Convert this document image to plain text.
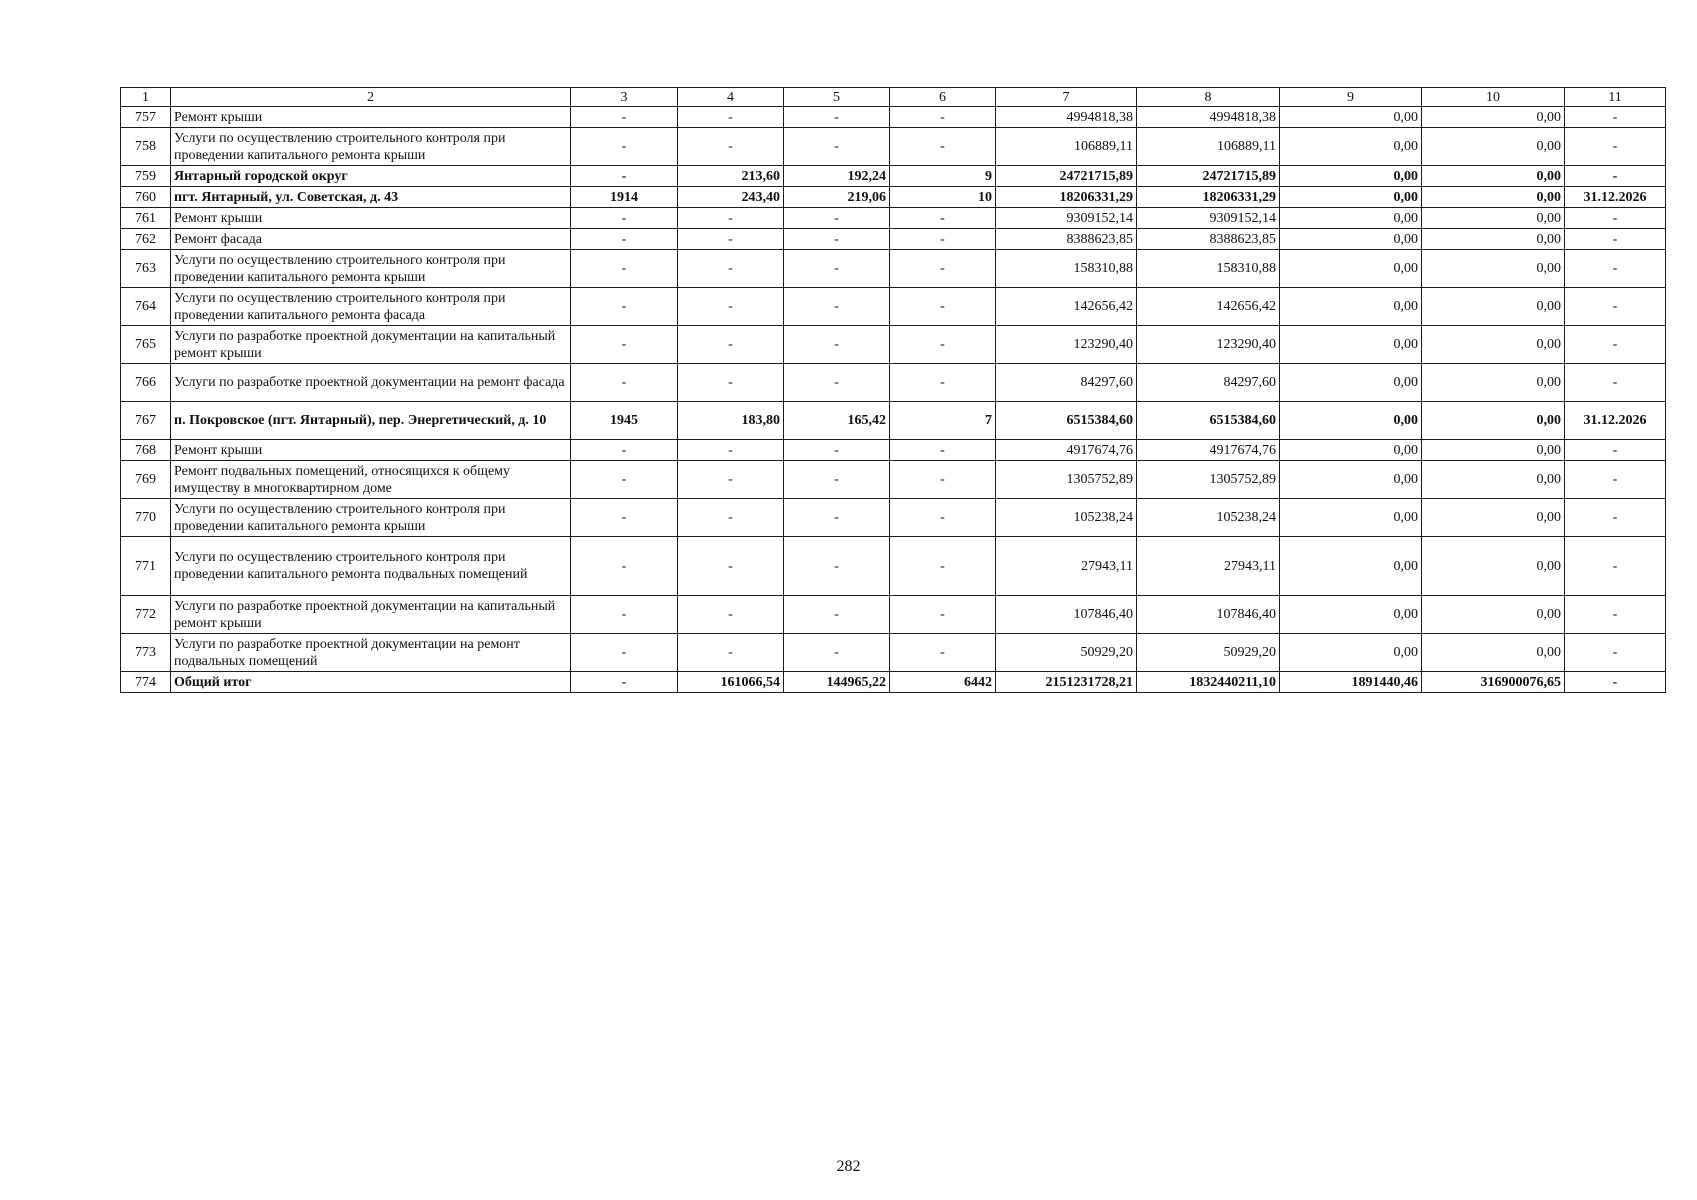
1	2	3	4	5	6	7	8	9	10	11
757	Ремонт крыши	-	-	-	-	4994818,38	4994818,38	0,00	0,00	-
758	Услуги по осуществлению строительного контроля при проведении капитального ремонта крыши	-	-	-	-	106889,11	106889,11	0,00	0,00	-
759	Янтарный городской округ	-	213,60	192,24	9	24721715,89	24721715,89	0,00	0,00	-
760	пгт. Янтарный, ул. Советская, д. 43	1914	243,40	219,06	10	18206331,29	18206331,29	0,00	0,00	31.12.2026
761	Ремонт крыши	-	-	-	-	9309152,14	9309152,14	0,00	0,00	-
762	Ремонт фасада	-	-	-	-	8388623,85	8388623,85	0,00	0,00	-
763	Услуги по осуществлению строительного контроля при проведении капитального ремонта крыши	-	-	-	-	158310,88	158310,88	0,00	0,00	-
764	Услуги по осуществлению строительного контроля при проведении капитального ремонта фасада	-	-	-	-	142656,42	142656,42	0,00	0,00	-
765	Услуги по разработке проектной документации на капитальный ремонт крыши	-	-	-	-	123290,40	123290,40	0,00	0,00	-
766	Услуги по разработке проектной документации на ремонт фасада	-	-	-	-	84297,60	84297,60	0,00	0,00	-
767	п. Покровское (пгт. Янтарный), пер. Энергетический, д. 10	1945	183,80	165,42	7	6515384,60	6515384,60	0,00	0,00	31.12.2026
768	Ремонт крыши	-	-	-	-	4917674,76	4917674,76	0,00	0,00	-
769	Ремонт подвальных помещений, относящихся к общему имуществу в многоквартирном доме	-	-	-	-	1305752,89	1305752,89	0,00	0,00	-
770	Услуги по осуществлению строительного контроля при проведении капитального ремонта крыши	-	-	-	-	105238,24	105238,24	0,00	0,00	-
771	Услуги по осуществлению строительного контроля при проведении капитального ремонта подвальных помещений	-	-	-	-	27943,11	27943,11	0,00	0,00	-
772	Услуги по разработке проектной документации на капитальный ремонт крыши	-	-	-	-	107846,40	107846,40	0,00	0,00	-
773	Услуги по разработке проектной документации на ремонт подвальных помещений	-	-	-	-	50929,20	50929,20	0,00	0,00	-
774	Общий итог	-	161066,54	144965,22	6442	2151231728,21	1832440211,10	1891440,46	316900076,65	-
282
